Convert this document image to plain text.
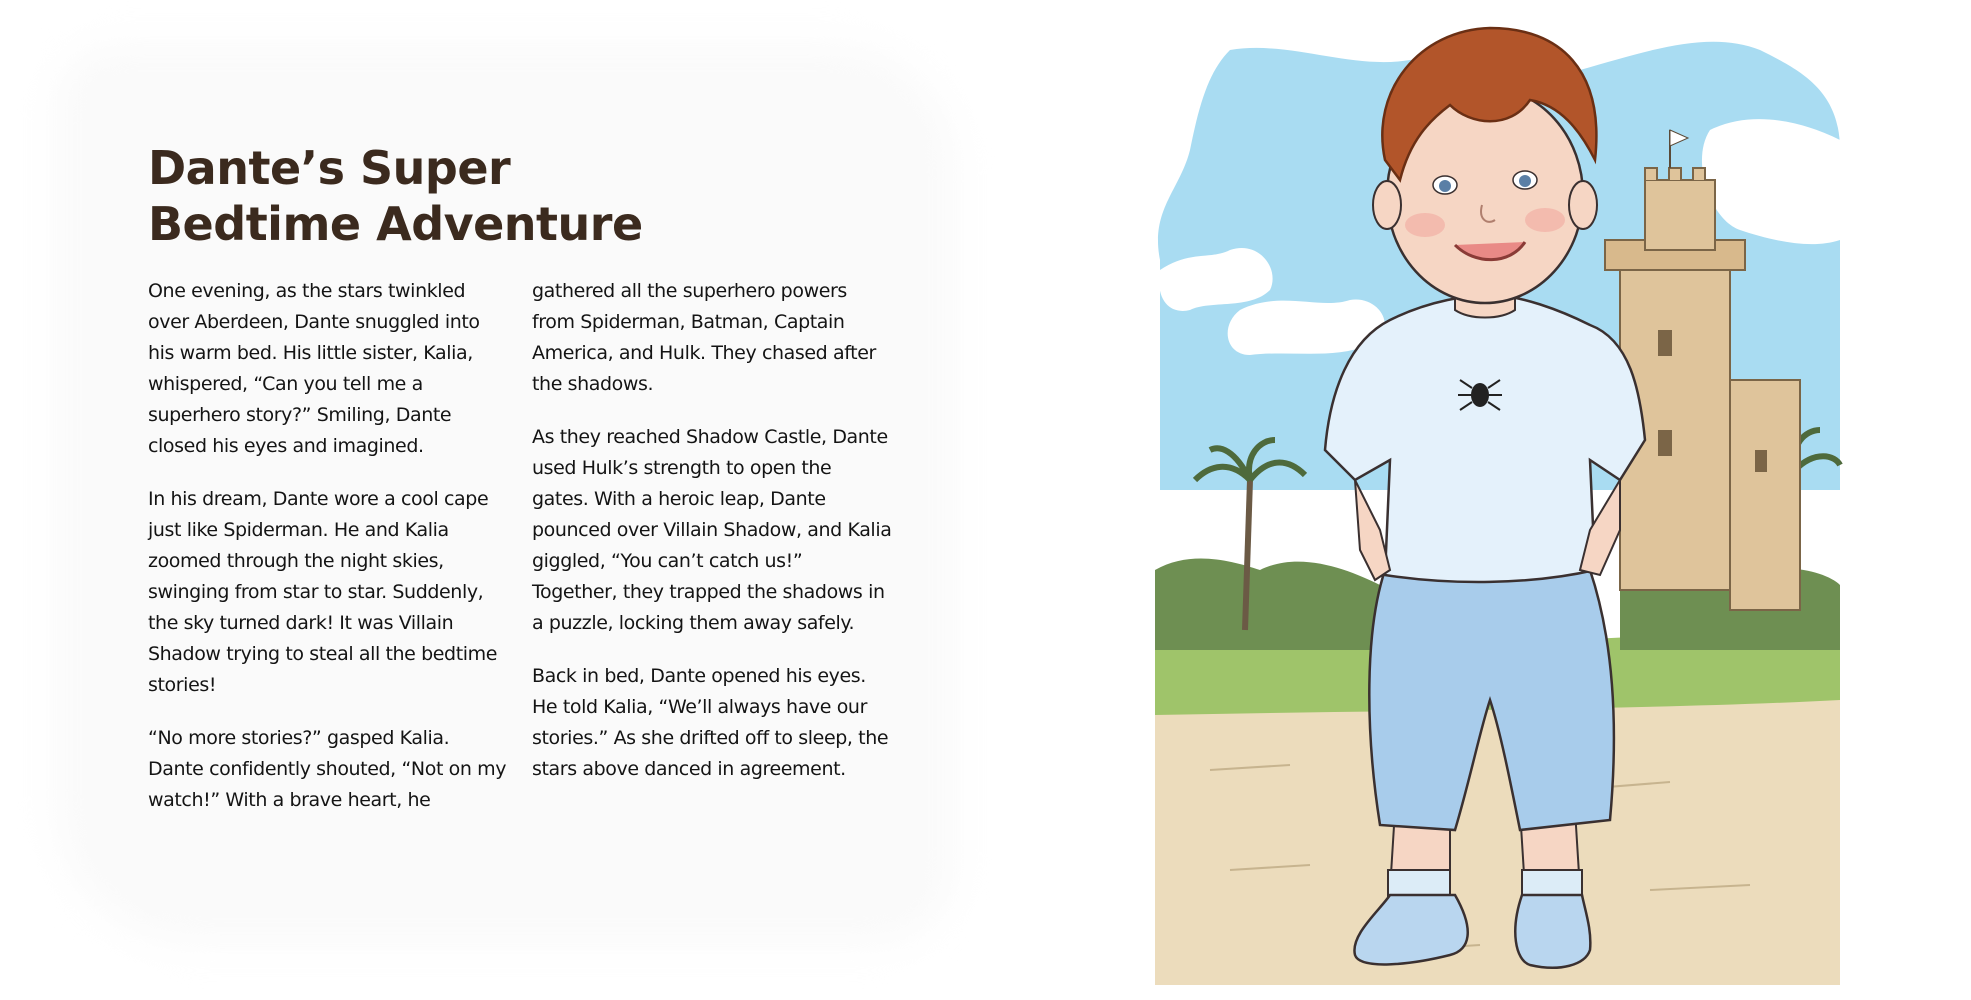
Dante’s Super Bedtime Adventure

One evening, as the stars twinkled over Aberdeen, Dante snuggled into his warm bed. His little sister, Kalia, whispered, “Can you tell me a superhero story?” Smiling, Dante closed his eyes and imagined.

In his dream, Dante wore a cool cape just like Spiderman. He and Kalia zoomed through the night skies, swinging from star to star. Suddenly, the sky turned dark! It was Villain Shadow trying to steal all the bedtime stories!

“No more stories?” gasped Kalia. Dante confidently shouted, “Not on my watch!” With a brave heart, he

gathered all the superhero powers from Spiderman, Batman, Captain America, and Hulk. They chased after the shadows.

As they reached Shadow Castle, Dante used Hulk’s strength to open the gates. With a heroic leap, Dante pounced over Villain Shadow, and Kalia giggled, “You can’t catch us!” Together, they trapped the shadows in a puzzle, locking them away safely.

Back in bed, Dante opened his eyes. He told Kalia, “We’ll always have our stories.” As she drifted off to sleep, the stars above danced in agreement.
